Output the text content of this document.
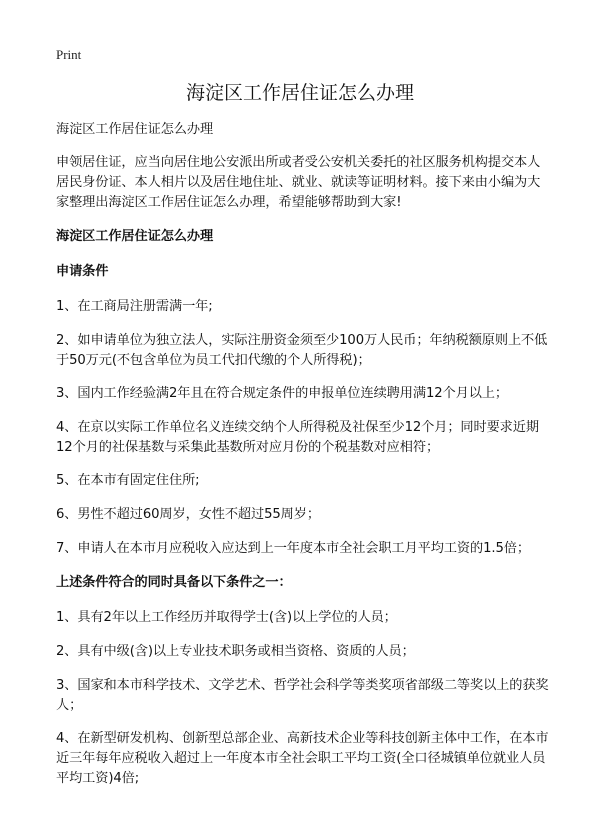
Print
海淀区工作居住证怎么办理

海淀区工作居住证怎么办理

申领居住证，应当向居住地公安派出所或者受公安机关委托的社区服务机构提交本人居民身份证、本人相片以及居住地住址、就业、就读等证明材料。接下来由小编为大家整理出海淀区工作居住证怎么办理，希望能够帮助到大家!

海淀区工作居住证怎么办理

申请条件

1、在工商局注册需满一年;

2、如申请单位为独立法人，实际注册资金须至少100万人民币；年纳税额原则上不低于50万元(不包含单位为员工代扣代缴的个人所得税)；

3、国内工作经验满2年且在符合规定条件的申报单位连续聘用满12个月以上；

4、在京以实际工作单位名义连续交纳个人所得税及社保至少12个月；同时要求近期12个月的社保基数与采集此基数所对应月份的个税基数对应相符；

5、在本市有固定住住所;

6、男性不超过60周岁，女性不超过55周岁；

7、申请人在本市月应税收入应达到上一年度本市全社会职工月平均工资的1.5倍；

上述条件符合的同时具备以下条件之一：

1、具有2年以上工作经历并取得学士(含)以上学位的人员；

2、具有中级(含)以上专业技术职务或相当资格、资质的人员；

3、国家和本市科学技术、文学艺术、哲学社会科学等类奖项省部级二等奖以上的获奖人；

4、在新型研发机构、创新型总部企业、高新技术企业等科技创新主体中工作，在本市近三年每年应税收入超过上一年度本市全社会职工平均工资(全口径城镇单位就业人员平均工资)4倍;
